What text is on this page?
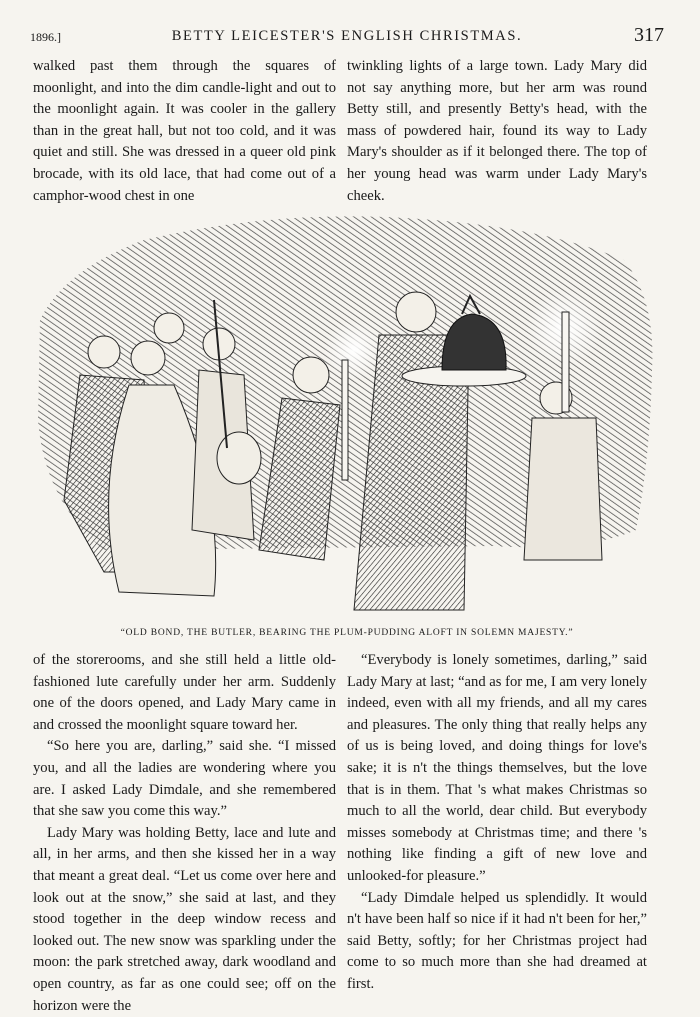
1896.]	BETTY LEICESTER'S ENGLISH CHRISTMAS.	317

walked past them through the squares of moonlight, and into the dim candle-light and out to the moonlight again. It was cooler in the gallery than in the great hall, but not too cold, and it was quiet and still. She was dressed in a queer old pink brocade, with its old lace, that had come out of a camphor-wood chest in one

twinkling lights of a large town. Lady Mary did not say anything more, but her arm was round Betty still, and presently Betty's head, with the mass of powdered hair, found its way to Lady Mary's shoulder as if it belonged there. The top of her young head was warm under Lady Mary's cheek.

“OLD BOND, THE BUTLER, BEARING THE PLUM-PUDDING ALOFT IN SOLEMN MAJESTY.”

of the storerooms, and she still held a little old-fashioned lute carefully under her arm. Suddenly one of the doors opened, and Lady Mary came in and crossed the moonlight square toward her.

“So here you are, darling,” said she. “I missed you, and all the ladies are wondering where you are. I asked Lady Dimdale, and she remembered that she saw you come this way.”

Lady Mary was holding Betty, lace and lute and all, in her arms, and then she kissed her in a way that meant a great deal. “Let us come over here and look out at the snow,” she said at last, and they stood together in the deep window recess and looked out. The new snow was sparkling under the moon: the park stretched away, dark woodland and open country, as far as one could see; off on the horizon were the

“Everybody is lonely sometimes, darling,” said Lady Mary at last; “and as for me, I am very lonely indeed, even with all my friends, and all my cares and pleasures. The only thing that really helps any of us is being loved, and doing things for love's sake; it is n't the things themselves, but the love that is in them. That 's what makes Christmas so much to all the world, dear child. But everybody misses somebody at Christmas time; and there 's nothing like finding a gift of new love and unlooked-for pleasure.”

“Lady Dimdale helped us splendidly. It would n't have been half so nice if it had n't been for her,” said Betty, softly; for her Christmas project had come to so much more than she had dreamed at first.
